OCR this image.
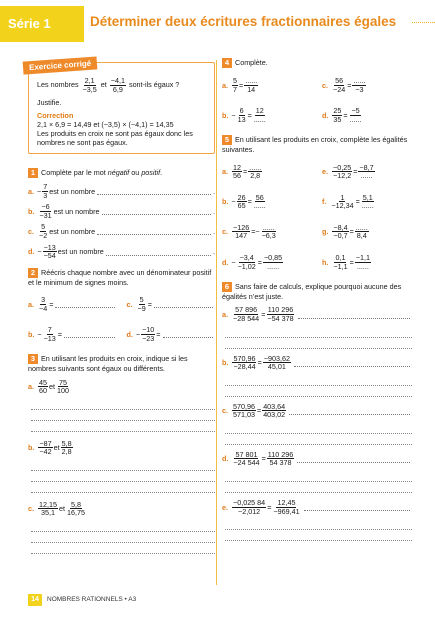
Série 1	Déterminer deux écritures fractionnaires égales
Exercice corrigé
Les nombres $\frac{2,1}{-3,5}$ et $\frac{-4,1}{6,9}$ sont-ils égaux ?
Justifie.
Correction
2,1 × 6,9 = 14,49 et (−3,5) × (−4,1) = 14,35
Les produits en croix ne sont pas égaux donc les nombres ne sont pas égaux.
1 Complète par le mot négatif ou positif.
a. − $\frac{7}{3}$ est un nombre	.
b. $\frac{-6}{-31}$ est un nombre	.
c. $\frac{5}{-2}$ est un nombre	.
d. − $\frac{-13}{-54}$ est un nombre	.
2 Réécris chaque nombre avec un dénominateur positif et le minimum de signes moins.
a. $\frac{3}{-4}$ =	c. $\frac{5}{-9}$ =
b. − $\frac{7}{-13}$ =	d. − $\frac{-10}{-23}$ =
3 En utilisant les produits en croix, indique si les nombres suivants sont égaux ou différents.
a. $\frac{45}{60}$ et $\frac{75}{100}$
b. $\frac{-87}{-42}$ et $\frac{5,8}{2,8}$
c. $\frac{12,15}{35,1}$ et $\frac{5,8}{16,75}$
4 Complète.
a. $\frac{5}{7} = \frac{......}{14}$	c. $\frac{56}{-24} = \frac{......}{-3}$
b. − $\frac{6}{13} = \frac{12}{......}$	d. $\frac{25}{35} = \frac{-5}{......}$
5 En utilisant les produits en croix, complète les égalités suivantes.
a. $\frac{12}{56} = \frac{......}{2,8}$	e. $\frac{-0,25}{-12,2} = \frac{-8,7}{......}$
b. − $\frac{26}{65} = \frac{56}{......}$	f. $\frac{1}{-12,34} = \frac{5,1}{......}$
c. $\frac{-126}{147}$ = − $\frac{......}{-6,3}$	g. $\frac{-8,4}{-0,7} = \frac{......}{8,4}$
d. − $\frac{-3,4}{-1,02} = \frac{-0,85}{......}$	h. $\frac{0,1}{-1,1} = \frac{-1,1}{......}$
6 Sans faire de calculs, explique pourquoi aucune des égalités n’est juste.
a. $\frac{57 896}{-28 544} = \frac{110 296}{-54 378}$
b. $\frac{570,96}{-28,44} = \frac{-903,62}{45,01}$
c. $\frac{570,96}{571,03} = \frac{403,64}{403,02}$
d. $\frac{57 801}{-24 544} = \frac{110 296}{54 378}$
e. $\frac{-0,025 84}{-2,012} = \frac{12,45}{-969,41}$
14	NOMBRES RATIONNELS • A3
